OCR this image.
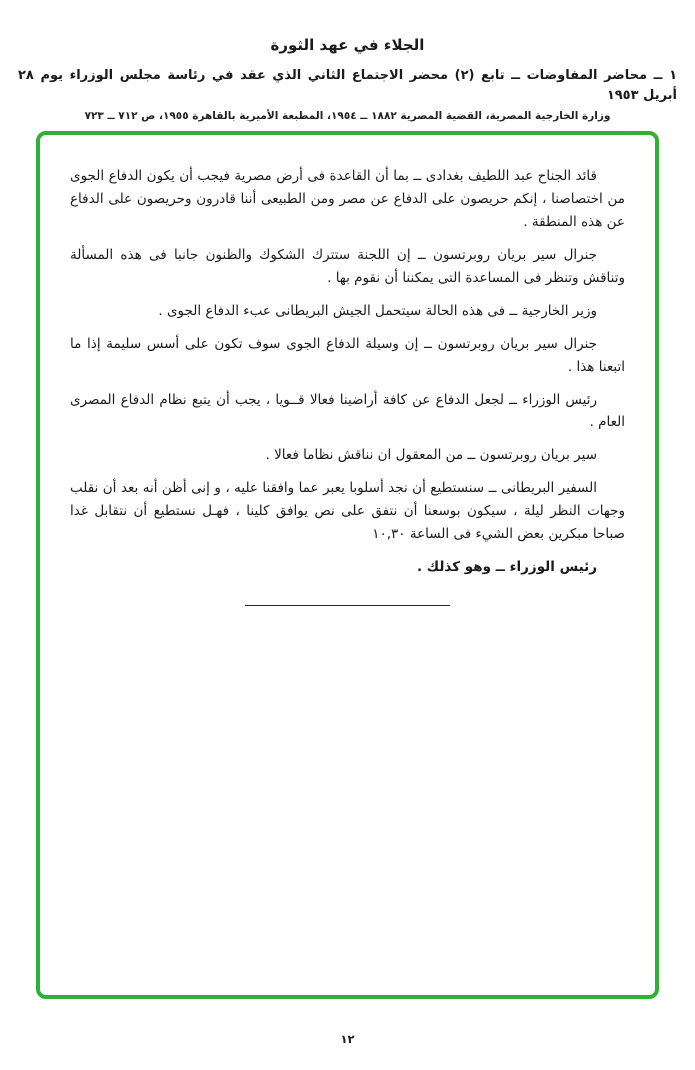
الجلاء في عهد الثورة
١ ــ محاضر المفاوضات ــ تابع (٢) محضر الاجتماع الثاني الذي عقد في رئاسة مجلس الوزراء يوم ٢٨ أبريل ١٩٥٣
وزارة الخارجية المصرية، القضية المصرية ١٨٨٢ ــ ١٩٥٤، المطبعة الأميرية بالقاهرة ١٩٥٥، ص ٧١٢ ــ ٧٢٣

قائد الجناح عبد اللطيف بغدادى ــ بما أن القاعدة فى أرض مصرية فيجب أن يكون الدفاع الجوى من اختصاصنا ، إنكم حريصون على الدفاع عن مصر ومن الطبيعى أننا قادرون وحريصون على الدفاع عن هذه المنطقة .

جنرال سير بريان روبرتسون ــ إن اللجنة ستترك الشكوك والظنون جانبا فى هذه المسألة وتناقش وتنظر فى المساعدة التى يمكننا أن نقوم بها .

وزير الخارجية ــ فى هذه الحالة سيتحمل الجيش البريطانى عبء الدفاع الجوى .

جنرال سير بريان روبرتسون ــ إن وسيلة الدفاع الجوى سوف تكون على أسس سليمة إذا ما اتبعنا هذا .

رئيس الوزراء ــ لجعل الدفاع عن كافة أراضينا فعالا قــويا ، يجب أن يتبع نظام الدفاع المصرى العام .

سير بريان روبرتسون ــ من المعقول ان نناقش نظاما فعالا .

السفير البريطانى ــ سنستطيع أن نجد أسلوبا يعبر عما وافقنا عليه ، و إنى أظن أنه بعد أن نقلب وجهات النظر ليلة ، سيكون بوسعنا أن نتفق على نص يوافق كلينا ، فهـل نستطيع أن نتقابل غدا صباحا مبكرين بعض الشيء فى الساعة ١٠,٣٠

رئيس الوزراء ــ وهو كذلك .

١٢
